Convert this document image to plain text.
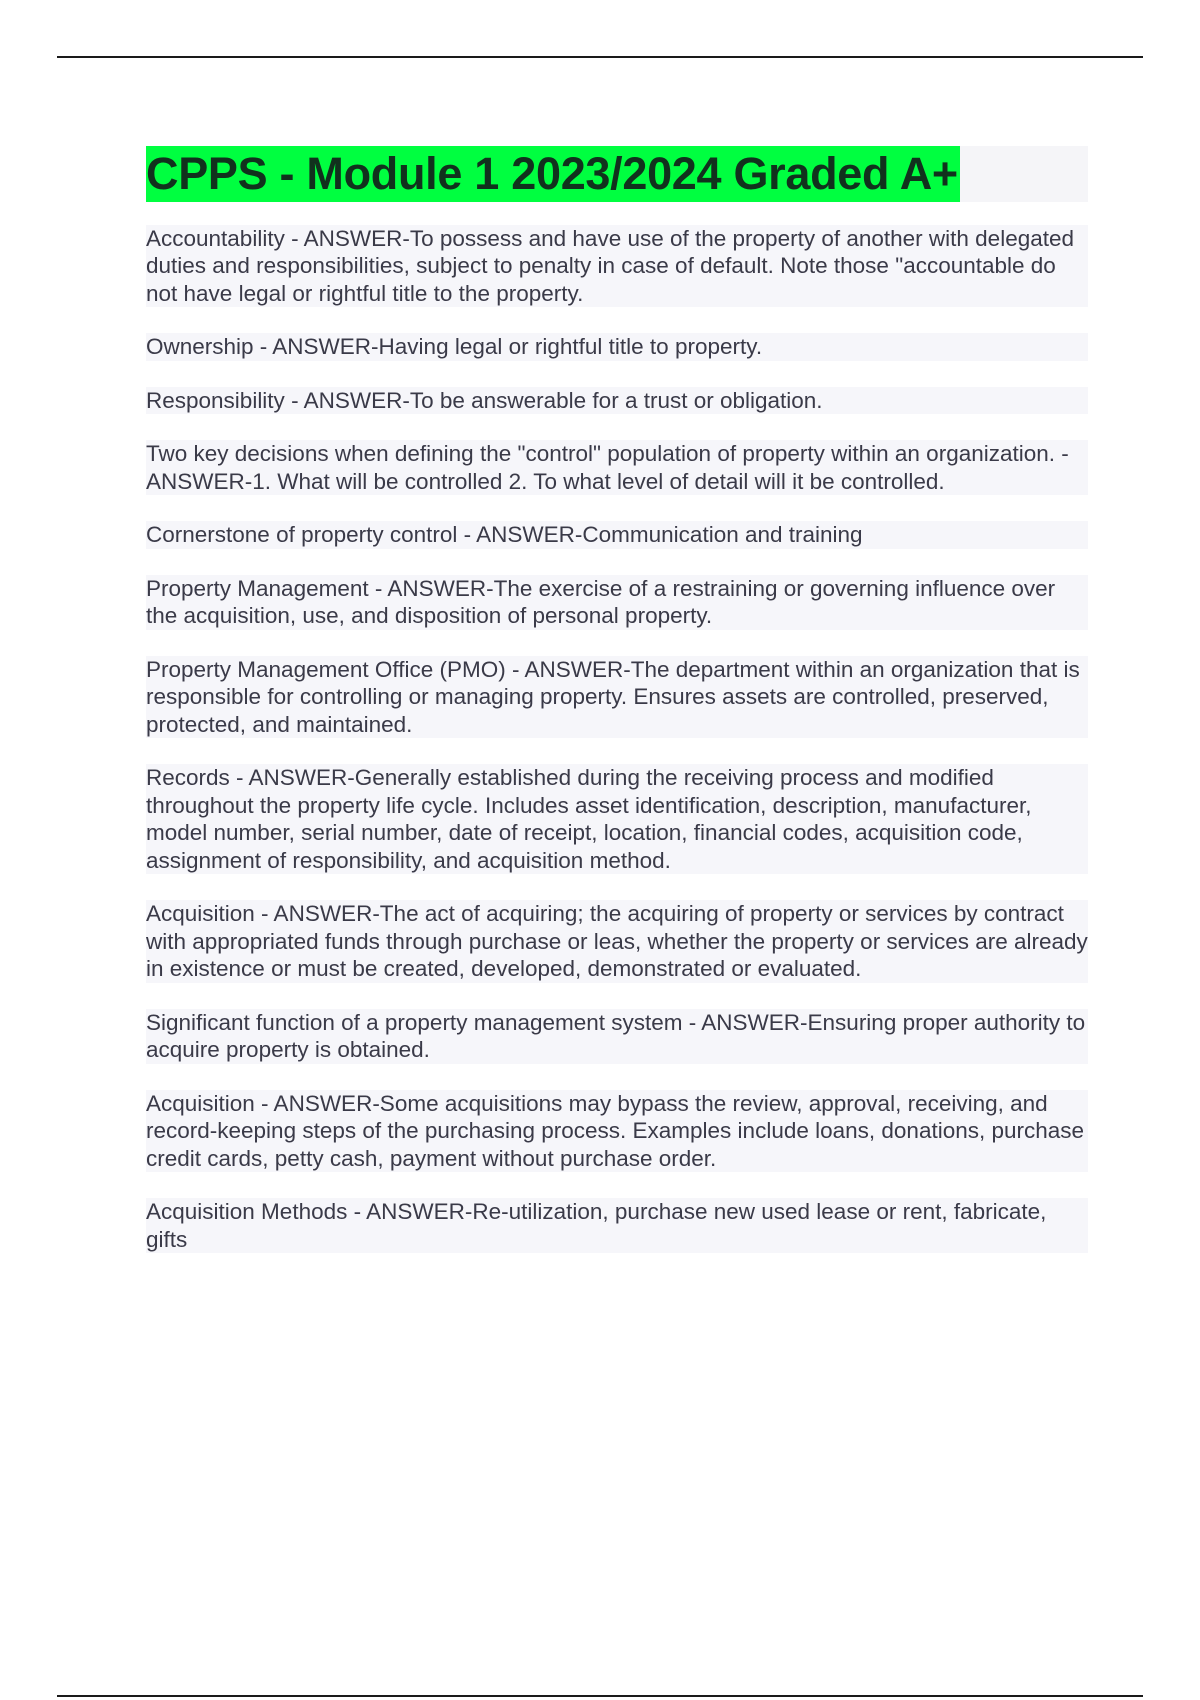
CPPS - Module 1 2023/2024 Graded A+

Accountability - ANSWER-To possess and have use of the property of another with delegated duties and responsibilities, subject to penalty in case of default. Note those "accountable do not have legal or rightful title to the property.

Ownership - ANSWER-Having legal or rightful title to property.

Responsibility - ANSWER-To be answerable for a trust or obligation.

Two key decisions when defining the "control" population of property within an organization. - ANSWER-1. What will be controlled 2. To what level of detail will it be controlled.

Cornerstone of property control - ANSWER-Communication and training

Property Management - ANSWER-The exercise of a restraining or governing influence over the acquisition, use, and disposition of personal property.

Property Management Office (PMO) - ANSWER-The department within an organization that is responsible for controlling or managing property. Ensures assets are controlled, preserved, protected, and maintained.

Records - ANSWER-Generally established during the receiving process and modified throughout the property life cycle. Includes asset identification, description, manufacturer, model number, serial number, date of receipt, location, financial codes, acquisition code, assignment of responsibility, and acquisition method.

Acquisition - ANSWER-The act of acquiring; the acquiring of property or services by contract with appropriated funds through purchase or leas, whether the property or services are already in existence or must be created, developed, demonstrated or evaluated.

Significant function of a property management system - ANSWER-Ensuring proper authority to acquire property is obtained.

Acquisition - ANSWER-Some acquisitions may bypass the review, approval, receiving, and record-keeping steps of the purchasing process. Examples include loans, donations, purchase credit cards, petty cash, payment without purchase order.

Acquisition Methods - ANSWER-Re-utilization, purchase new used lease or rent, fabricate, gifts
